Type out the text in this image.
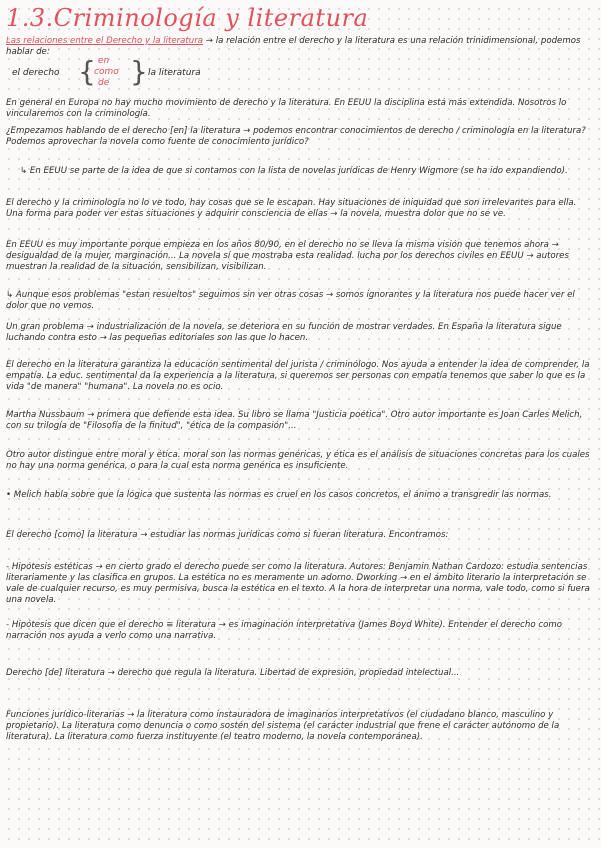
1.3.Criminología y literatura
Las relaciones entre el Derecho y la literatura → la relación entre el derecho y la literatura es una relación trinidimensional, podemos hablar de:
el derecho { en
como
de } la literatura

En general en Europa no hay mucho movimiento de derecho y la literatura. En EEUU la disciplina está más extendida. Nosotros lo vincularemos con la criminología.

¿Empezamos hablando de el derecho [en] la literatura → podemos encontrar conocimientos de derecho / criminología en la literatura? Podemos aprovechar la novela como fuente de conocimiento jurídico?

↳ En EEUU se parte de la idea de que si contamos con la lista de novelas jurídicas de Henry Wigmore (se ha ido expandiendo).

El derecho y la criminología no lo ve todo, hay cosas que se le escapan. Hay situaciones de iniquidad que son irrelevantes para ella. Una forma para poder ver estas situaciones y adquirir consciencia de ellas → la novela, muestra dolor que no se ve.

En EEUU es muy importante porque empieza en los años 80/90, en el derecho no se lleva la misma visión que tenemos ahora → desigualdad de la mujer, marginación... La novela sí que mostraba esta realidad. lucha por los derechos civiles en EEUU → autores muestran la realidad de la situación, sensibilizan, visibilizan.

↳ Aunque esos problemas "estan resueltos" seguimos sin ver otras cosas → somos ignorantes y la literatura nos puede hacer ver el dolor que no vemos.

Un gran problema → industrialización de la novela, se deteriora en su función de mostrar verdades. En España la literatura sigue luchando contra esto → las pequeñas editoriales son las que lo hacen.

El derecho en la literatura garantiza la educación sentimental del jurista / criminólogo. Nos ayuda a entender la idea de comprender, la empatía. La educ. sentimental da la experiencia a la literatura, si queremos ser personas con empatía tenemos que saber lo que es la vida "de manera" "humana". La novela no es ocio.

Martha Nussbaum → primera que defiende esta idea. Su libro se llama "Justicia poética". Otro autor importante es Joan Carles Melich, con su trilogía de "Filosofía de la finitud", "ética de la compasión"...

Otro autor distingue entre moral y ética. moral son las normas genéricas, y ética es el análisis de situaciones concretas para los cuales no hay una norma genérica, o para la cual esta norma genérica es insuficiente.

• Melich habla sobre que la lógica que sustenta las normas es cruel en los casos concretos, el ánimo a transgredir las normas.

El derecho [como] la literatura → estudiar las normas jurídicas como si fueran literatura. Encontramos:

- Hipótesis estéticas → en cierto grado el derecho puede ser como la literatura. Autores: Benjamin Nathan Cardozo: estudia sentencias literariamente y las clasifica en grupos. La estética no es meramente un adorno. Dworking → en el ámbito literario la interpretación se vale de cualquier recurso, es muy permisiva, busca la estética en el texto. A la hora de interpretar una norma, vale todo, como si fuera una novela.

- Hipótesis que dicen que el derecho ≅ literatura → es imaginación interpretativa (James Boyd White). Entender el derecho como narración nos ayuda a verlo como una narrativa.

Derecho [de] literatura → derecho que regula la literatura. Libertad de expresión, propiedad intelectual...

Funciones jurídico-literarias → la literatura como instauradora de imaginarios interpretativos (el ciudadano blanco, masculino y propietario). La literatura como denuncia o como sostén del sistema (el carácter industrial que frene el carácter autónomo de la literatura). La literatura como fuerza instituyente (el teatro moderno, la novela contemporánea).
